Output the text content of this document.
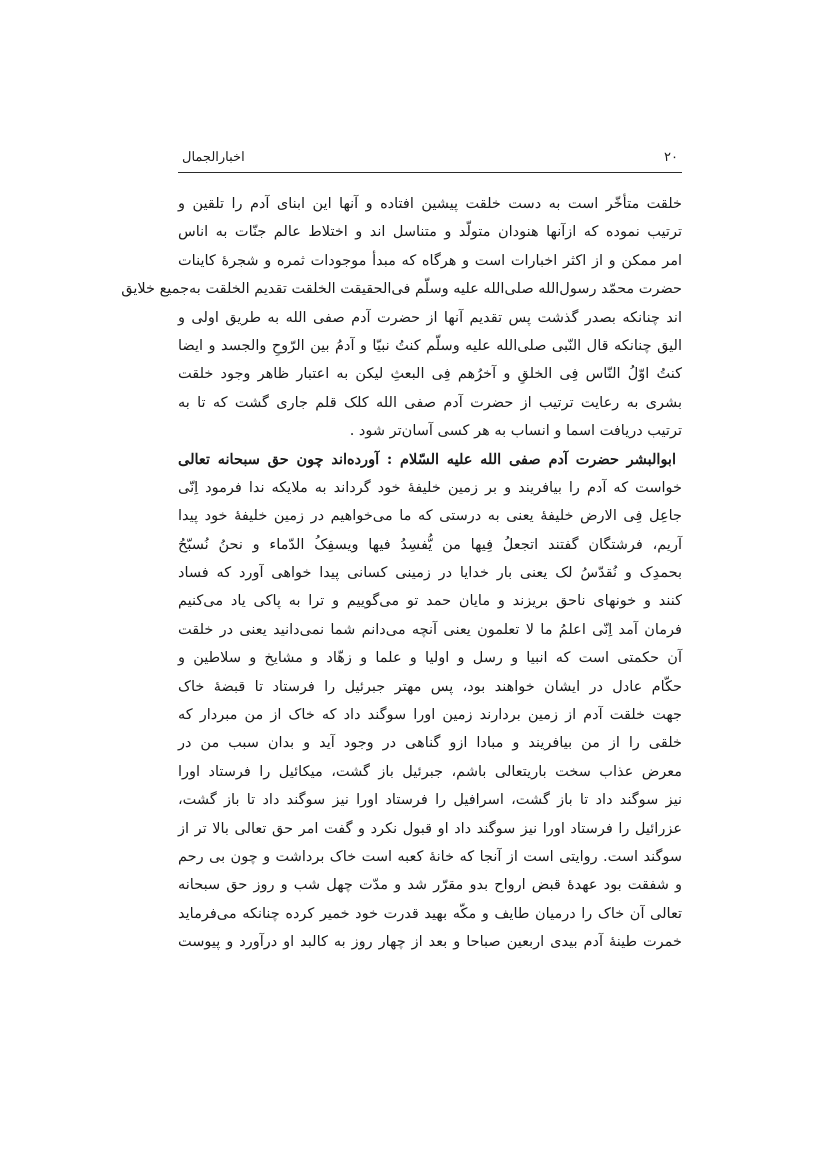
۲۰
اخبارالجمال
خلقت متأخّر است به دست خلقت پیشین افتاده و آنها این ابنای آدم را تلقین و
ترتیب نموده که ازآنها هنودان متولّد و متناسل اند و اختلاط عالم جنّات به اناس
امر ممکن و از اکثر اخبارات است و هرگاه که مبدأ موجودات ثمره و شجرهٔ کاینات
حضرت محمّد رسول‌الله صلی‌الله علیه وسلّم فی‌الحقیقت الخلقت تقدیم الخلقت به‌جمیع خلایق
اند چنانکه بصدر گذشت پس تقدیم آنها از حضرت آدم صفی الله به طریق اولی و
الیق چنانکه قال النّبی صلی‌الله علیه وسلّم کنتُ نبیّا و آدمُ بین الرّوحِ والجسد و ایضا
کنتُ اوّلُ النّاس فِی الخلقِ و آخرُهم فِی البعثِ لیکن به اعتبار ظاهر وجود خلقت
بشری به رعایت ترتیب از حضرت آدم صفی الله کلک قلم جاری گشت که تا به
ترتیب دریافت اسما و انساب به هر کسی آسان‌تر شود .
ابوالبشر حضرت آدم صفی الله علیه السّلام : آورده‌اند چون حق سبحانه تعالی
خواست که آدم را بیافریند و بر زمین خلیفهٔ خود گرداند به ملایکه ندا فرمود اِنّی
جاعِل فِی الارض خلیفهٔ یعنی به درستی که ما می‌خواهیم در زمین خلیفهٔ خود پیدا
آریم، فرشتگان گفتند اتجعلُ فِیها من یُّفسِدُ فیها ویسفِکُ الدّماء و نحنُ نُسبّحُ
بحمدِک و نُقدّسُ لک یعنی بار خدایا در زمینی کسانی پیدا خواهی آورد که فساد
کنند و خونهای ناحق بریزند و مایان حمد تو می‌گوییم و ترا به پاکی یاد می‌کنیم
فرمان آمد اِنّی اعلمُ ما لا تعلمون یعنی آنچه می‌دانم شما نمی‌دانید یعنی در خلقت
آن حکمتی است که انبیا و رسل و اولیا و علما و زهّاد و مشایخ و سلاطین و
حکّام عادل در ایشان خواهند بود، پس مهتر جبرئیل را فرستاد تا قبضهٔ خاک
جهت خلقت آدم از زمین بردارند زمین اورا سوگند داد که خاک از من مبردار که
خلقی را از من بیافریند و مبادا ازو گناهی در وجود آید و بدان سبب من در
معرض عذاب سخت باریتعالی باشم، جبرئیل باز گشت، میکائیل را فرستاد اورا
نیز سوگند داد تا باز گشت، اسرافیل را فرستاد اورا نیز سوگند داد تا باز گشت،
عزرائیل را فرستاد اورا نیز سوگند داد او قبول نکرد و گفت امر حق تعالی بالا تر از
سوگند است. روایتی است از آنجا که خانهٔ کعبه است خاک برداشت و چون بی رحم
و شفقت بود عهدهٔ قبض ارواح بدو مقرّر شد و مدّت چهل شب و روز حق سبحانه
تعالی آن خاک را درمیان طایف و مکّه بهید قدرت خود خمیر کرده چنانکه می‌فرماید
خمرت طینهٔ آدم بیدی اربعین صباحا و بعد از چهار روز به کالبد او درآورد و پیوست
